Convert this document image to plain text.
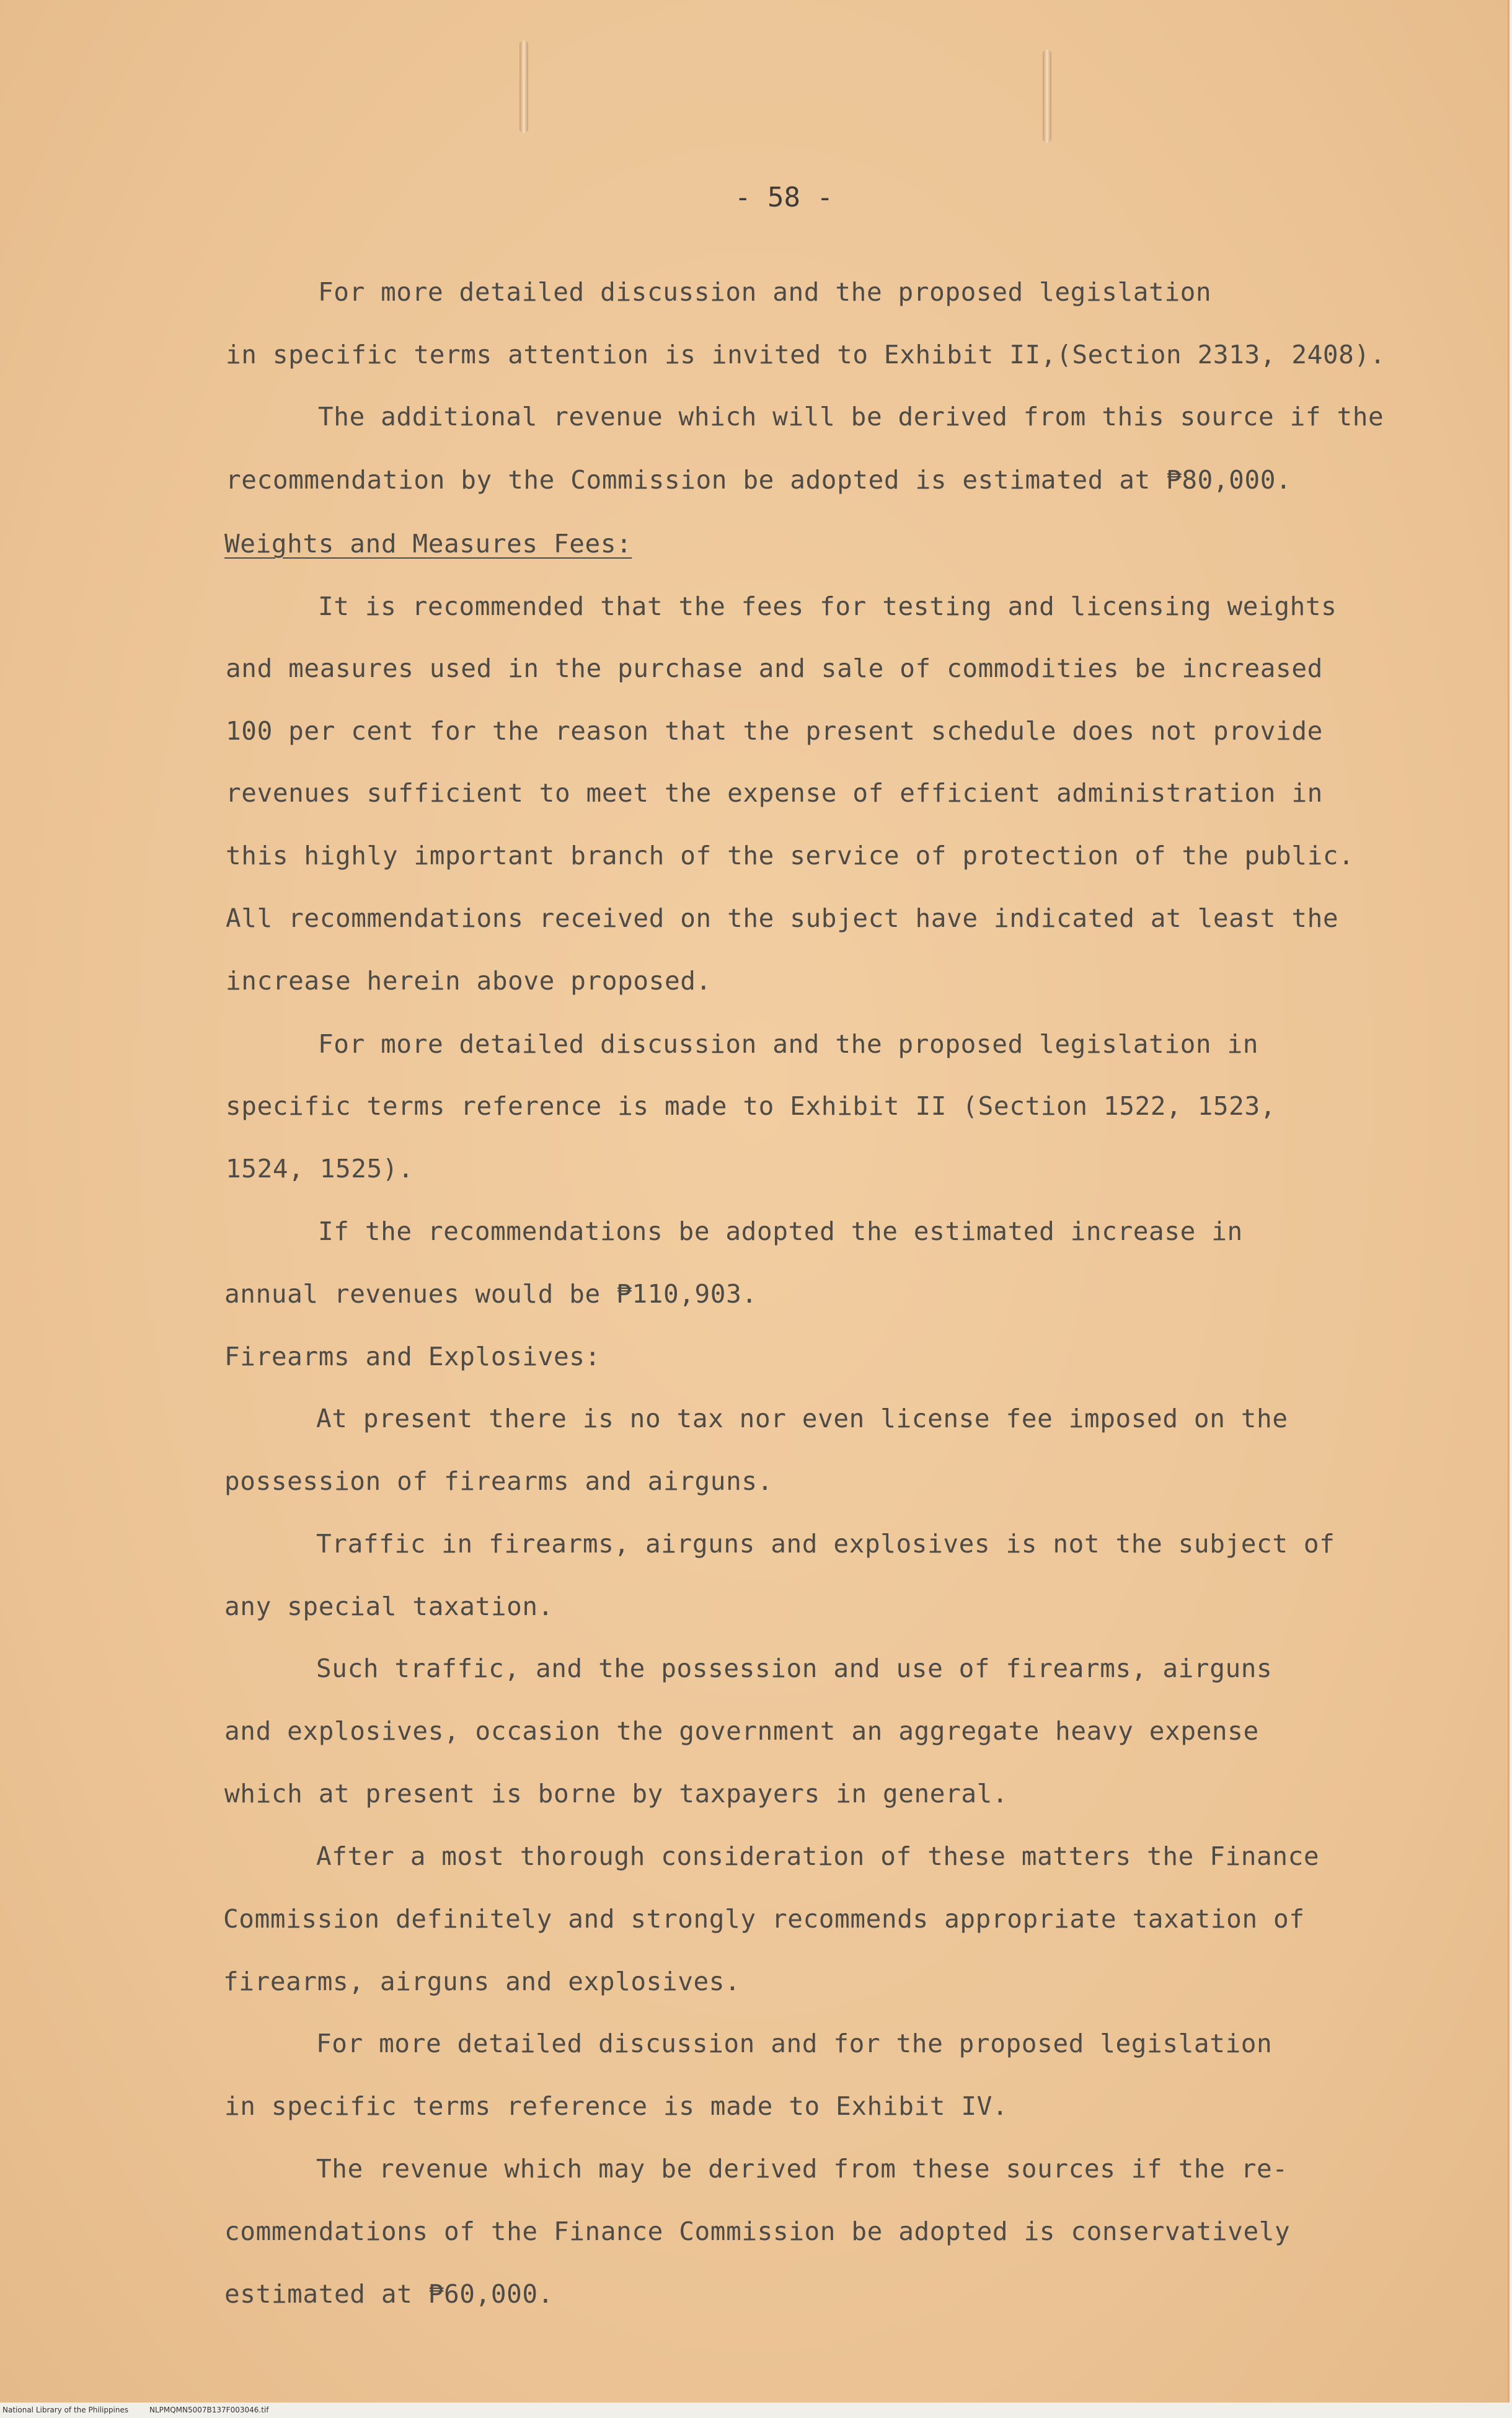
- 58 -
For more detailed discussion and the proposed legislation
in specific terms attention is invited to Exhibit II,(Section 2313, 2408).
The additional revenue which will be derived from this source if the
recommendation by the Commission be adopted is estimated at ₱80,000.
Weights and Measures Fees:
It is recommended that the fees for testing and licensing weights
and measures used in the purchase and sale of commodities be increased
100 per cent for the reason that the present schedule does not provide
revenues sufficient to meet the expense of efficient administration in
this highly important branch of the service of protection of the public.
All recommendations received on the subject have indicated at least the
increase herein above proposed.
For more detailed discussion and the proposed legislation in
specific terms reference is made to Exhibit II (Section 1522, 1523,
1524, 1525).
If the recommendations be adopted the estimated increase in
annual revenues would be ₱110,903.
Firearms and Explosives:
At present there is no tax nor even license fee imposed on the
possession of firearms and airguns.
Traffic in firearms, airguns and explosives is not the subject of
any special taxation.
Such traffic, and the possession and use of firearms, airguns
and explosives, occasion the government an aggregate heavy expense
which at present is borne by taxpayers in general.
After a most thorough consideration of these matters the Finance
Commission definitely and strongly recommends appropriate taxation of
firearms, airguns and explosives.
For more detailed discussion and for the proposed legislation
in specific terms reference is made to Exhibit IV.
The revenue which may be derived from these sources if the re-
commendations of the Finance Commission be adopted is conservatively
estimated at ₱60,000.
National Library of the Philippines	NLPMQMN5007B137F003046.tif
